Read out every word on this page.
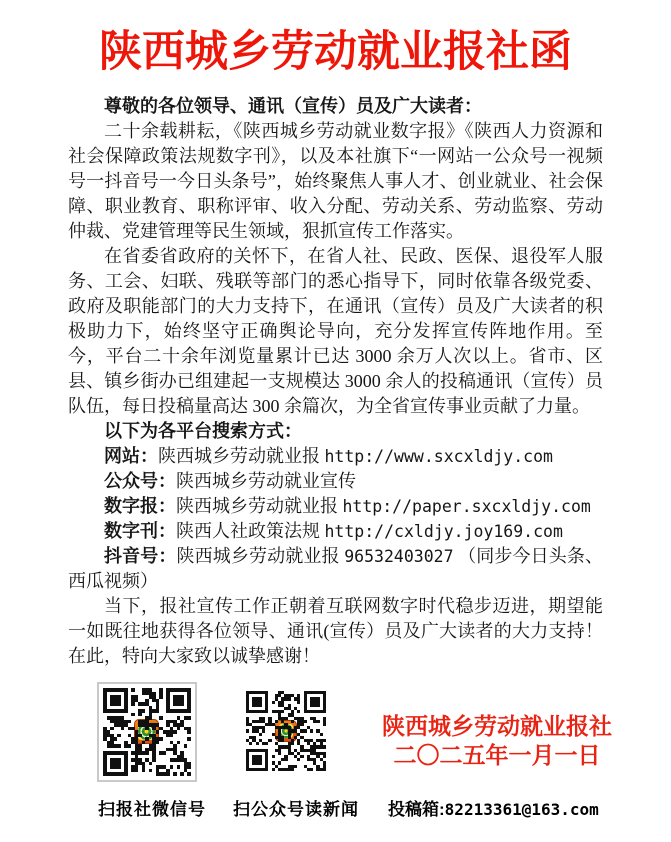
陕西城乡劳动就业报社函
尊敬的各位领导、通讯（宣传）员及广大读者：

二十余载耕耘，《陕西城乡劳动就业数字报》《陕西人力资源和社会保障政策法规数字刊》，以及本社旗下“一网站一公众号一视频号一抖音号一今日头条号”，始终聚焦人事人才、创业就业、社会保障、职业教育、职称评审、收入分配、劳动关系、劳动监察、劳动仲裁、党建管理等民生领域，狠抓宣传工作落实。

在省委省政府的关怀下，在省人社、民政、医保、退役军人服务、工会、妇联、残联等部门的悉心指导下，同时依靠各级党委、政府及职能部门的大力支持下，在通讯（宣传）员及广大读者的积极助力下，始终坚守正确舆论导向，充分发挥宣传阵地作用。至今，平台二十余年浏览量累计已达 3000 余万人次以上。省市、区县、镇乡街办已组建起一支规模达 3000 余人的投稿通讯（宣传）员队伍，每日投稿量高达 300 余篇次，为全省宣传事业贡献了力量。

以下为各平台搜索方式：
网站：陕西城乡劳动就业报 http://www.sxcxldjy.com
公众号：陕西城乡劳动就业宣传
数字报：陕西城乡劳动就业报 http://paper.sxcxldjy.com
数字刊：陕西人社政策法规 http://cxldjy.joy169.com
抖音号：陕西城乡劳动就业报 96532403027 （同步今日头条、西瓜视频）

当下，报社宣传工作正朝着互联网数字时代稳步迈进，期望能一如既往地获得各位领导、通讯(宣传）员及广大读者的大力支持！在此，特向大家致以诚挚感谢！

陕西城乡劳动就业报社
二〇二五年一月一日
扫报社微信号 扫公众号读新闻 投稿箱:82213361@163.com
